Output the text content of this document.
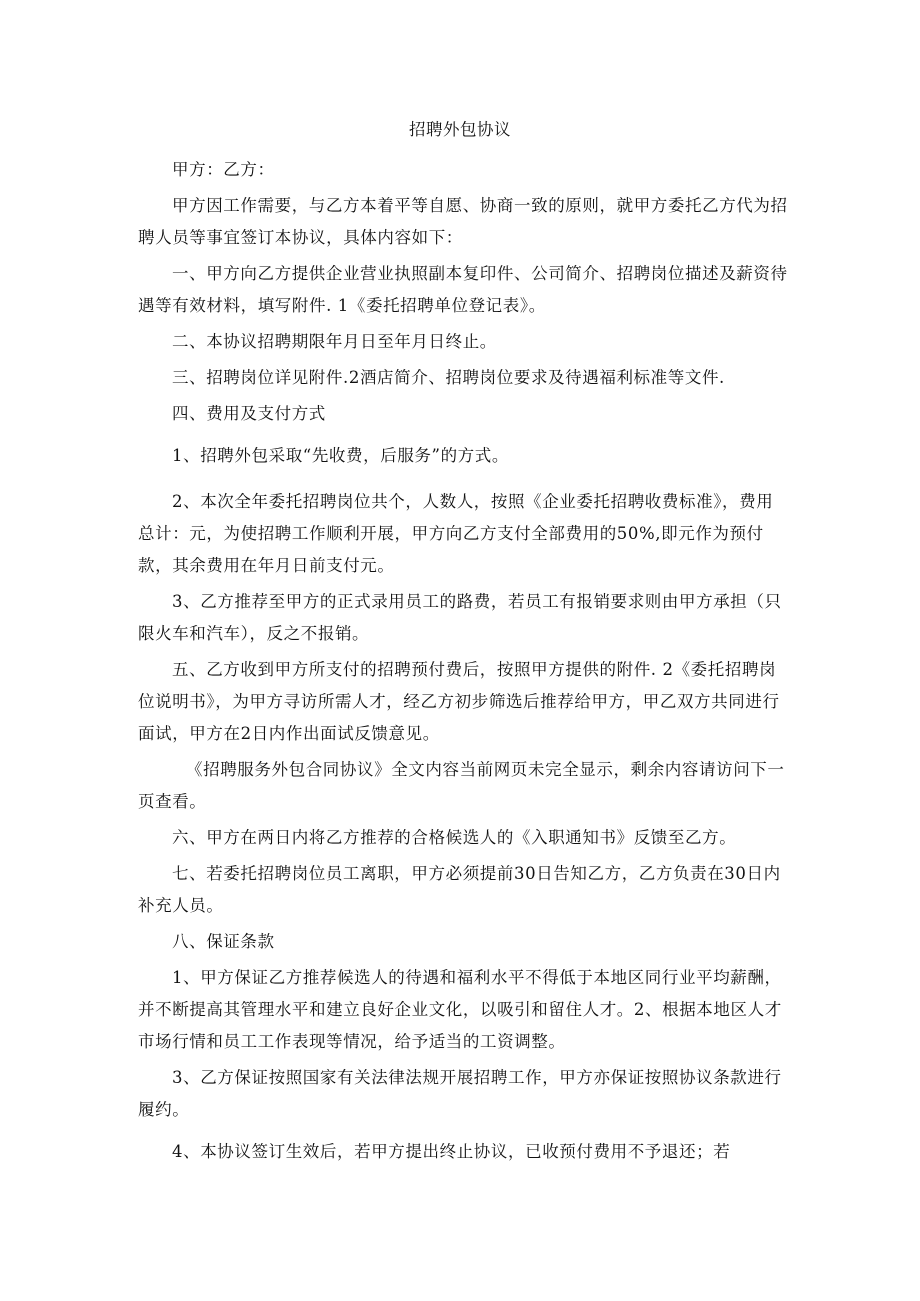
招聘外包协议

甲方：乙方：

甲方因工作需要，与乙方本着平等自愿、协商一致的原则，就甲方委托乙方代为招聘人员等事宜签订本协议，具体内容如下：

一、甲方向乙方提供企业营业执照副本复印件、公司简介、招聘岗位描述及薪资待遇等有效材料，填写附件. 1《委托招聘单位登记表》。

二、本协议招聘期限年月日至年月日终止。

三、招聘岗位详见附件.2酒店简介、招聘岗位要求及待遇福利标准等文件.

四、费用及支付方式

1、招聘外包采取“先收费，后服务”的方式。

2、本次全年委托招聘岗位共个，人数人，按照《企业委托招聘收费标准》，费用总计：元，为使招聘工作顺利开展，甲方向乙方支付全部费用的50%,即元作为预付款，其余费用在年月日前支付元。

3、乙方推荐至甲方的正式录用员工的路费，若员工有报销要求则由甲方承担（只限火车和汽车），反之不报销。

五、乙方收到甲方所支付的招聘预付费后，按照甲方提供的附件. 2《委托招聘岗位说明书》，为甲方寻访所需人才，经乙方初步筛选后推荐给甲方，甲乙双方共同进行面试，甲方在2日内作出面试反馈意见。

《招聘服务外包合同协议》全文内容当前网页未完全显示，剩余内容请访问下一页查看。

六、甲方在两日内将乙方推荐的合格候选人的《入职通知书》反馈至乙方。

七、若委托招聘岗位员工离职，甲方必须提前30日告知乙方，乙方负责在30日内补充人员。

八、保证条款

1、甲方保证乙方推荐候选人的待遇和福利水平不得低于本地区同行业平均薪酬，并不断提高其管理水平和建立良好企业文化，以吸引和留住人才。2、根据本地区人才市场行情和员工工作表现等情况，给予适当的工资调整。

3、乙方保证按照国家有关法律法规开展招聘工作，甲方亦保证按照协议条款进行履约。

4、本协议签订生效后，若甲方提出终止协议，已收预付费用不予退还；若
